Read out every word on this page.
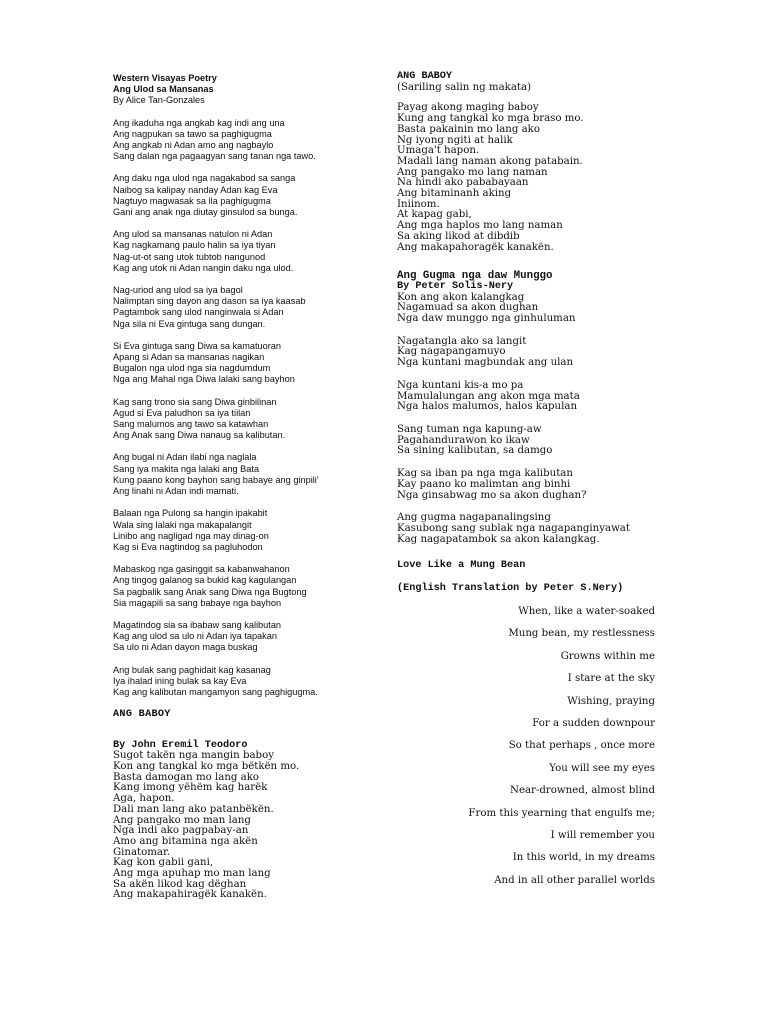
Western Visayas Poetry
Ang Ulod sa Mansanas
By Alice Tan-Gonzales
Ang ikaduha nga angkab kag indi ang una
Ang nagpukan sa tawo sa paghigugma
Ang angkab ni Adan amo ang nagbaylo
Sang dalan nga pagaagyan sang tanan nga tawo.
Ang daku nga ulod nga nagakabod sa sanga
Naibog sa kalipay nanday Adan kag Eva
Nagtuyo magwasak sa ila paghigugma
Gani ang anak nga diutay ginsulod sa bunga.
Ang ulod sa mansanas natulon ni Adan
Kag nagkamang paulo halin sa iya tiyan
Nag-ut-ot sang utok tubtob nangunod
Kag ang utok ni Adan nangin daku nga ulod.
Nag-uriod ang ulod sa iya bagol
Nalimptan sing dayon ang dason sa iya kaasab
Pagtambok sang ulod nanginwala si Adan
Nga sila ni Eva gintuga sang dungan.
Si Eva gintuga sang Diwa sa kamatuoran
Apang si Adan sa mansanas nagikan
Bugalon nga ulod nga sia nagdumdum
Nga ang Mahal nga Diwa lalaki sang bayhon
Kag sang trono sia sang Diwa ginbilinan
Agud si Eva paludhon sa iya tiilan
Sang malumos ang tawo sa katawhan
Ang Anak sang Diwa nanaug sa kalibutan.
Ang bugal ni Adan ilabi nga naglala
Sang iya makita nga lalaki ang Bata
Kung paano kong bayhon sang babaye ang ginpili'
Ang linahi ni Adan indi mamati.
Balaan nga Pulong sa hangin ipakabit
Wala sing lalaki nga makapalangit
Linibo ang nagligad nga may dinag-on
Kag si Eva nagtindog sa pagluhodon
Mabaskog nga gasinggit sa kabanwahanon
Ang tingog galanog sa bukid kag kagulangan
Sa pagbalik sang Anak sang Diwa nga Bugtong
Sia magapili sa sang babaye nga bayhon
Magatindog sia sa ibabaw sang kalibutan
Kag ang ulod sa ulo ni Adan iya tapakan
Sa ulo ni Adan dayon maga buskag
Ang bulak sang paghidait kag kasanag
Iya ihalad ining bulak sa kay Eva
Kag ang kalibutan mangamyon sang paghigugma.
ANG BABOY
By John Eremil Teodoro
Sugot takën nga mangin baboy
Kon ang tangkal ko mga bëtkën mo.
Basta damogan mo lang ako
Kang imong yëhëm kag harëk
Aga, hapon.
Dali man lang ako patanbëkën.
Ang pangako mo man lang
Nga indi ako pagpabay-an
Amo ang bitamina nga akën
Ginatomar.
Kag kon gabii gani,
Ang mga apuhap mo man lang
Sa akën likod kag dëghan
Ang makapahiragëk kanakën.
ANG BABOY
(Sariling salin ng makata)
Payag akong maging baboy
Kung ang tangkal ko mga braso mo.
Basta pakainin mo lang ako
Ng iyong ngiti at halik
Umaga't hapon.
Madali lang naman akong patabain.
Ang pangako mo lang naman
Na hindi ako pababayaan
Ang bitaminanh aking
Iniinom.
At kapag gabi,
Ang mga haplos mo lang naman
Sa aking likod at dibdib
Ang makapahoragëk kanakën.
Ang Gugma nga daw Munggo
By Peter Solis-Nery
Kon ang akon kalangkag
Nagamuad sa akon dughan
Nga daw munggo nga ginhuluman
Nagatangla ako sa langit
Kag nagapangamuyo
Nga kuntani magbundak ang ulan
Nga kuntani kis-a mo pa
Mamulalungan ang akon mga mata
Nga halos malumos, halos kapulan
Sang tuman nga kapung-aw
Pagahandurawon ko ikaw
Sa sining kalibutan, sa damgo
Kag sa iban pa nga mga kalibutan
Kay paano ko malimtan ang binhi
Nga ginsabwag mo sa akon dughan?
Ang gugma nagapanalingsing
Kasubong sang sublak nga nagapanginyawat
Kag nagapatambok sa akon kalangkag.
Love Like a Mung Bean
(English Translation by Peter S.Nery)
When, like a water-soaked
Mung bean, my restlessness
Growns within me
I stare at the sky
Wishing, praying
For a sudden downpour
So that perhaps , once more
You will see my eyes
Near-drowned, almost blind
From this yearning that engulfs me;
I will remember you
In this world, in my dreams
And in all other parallel worlds
